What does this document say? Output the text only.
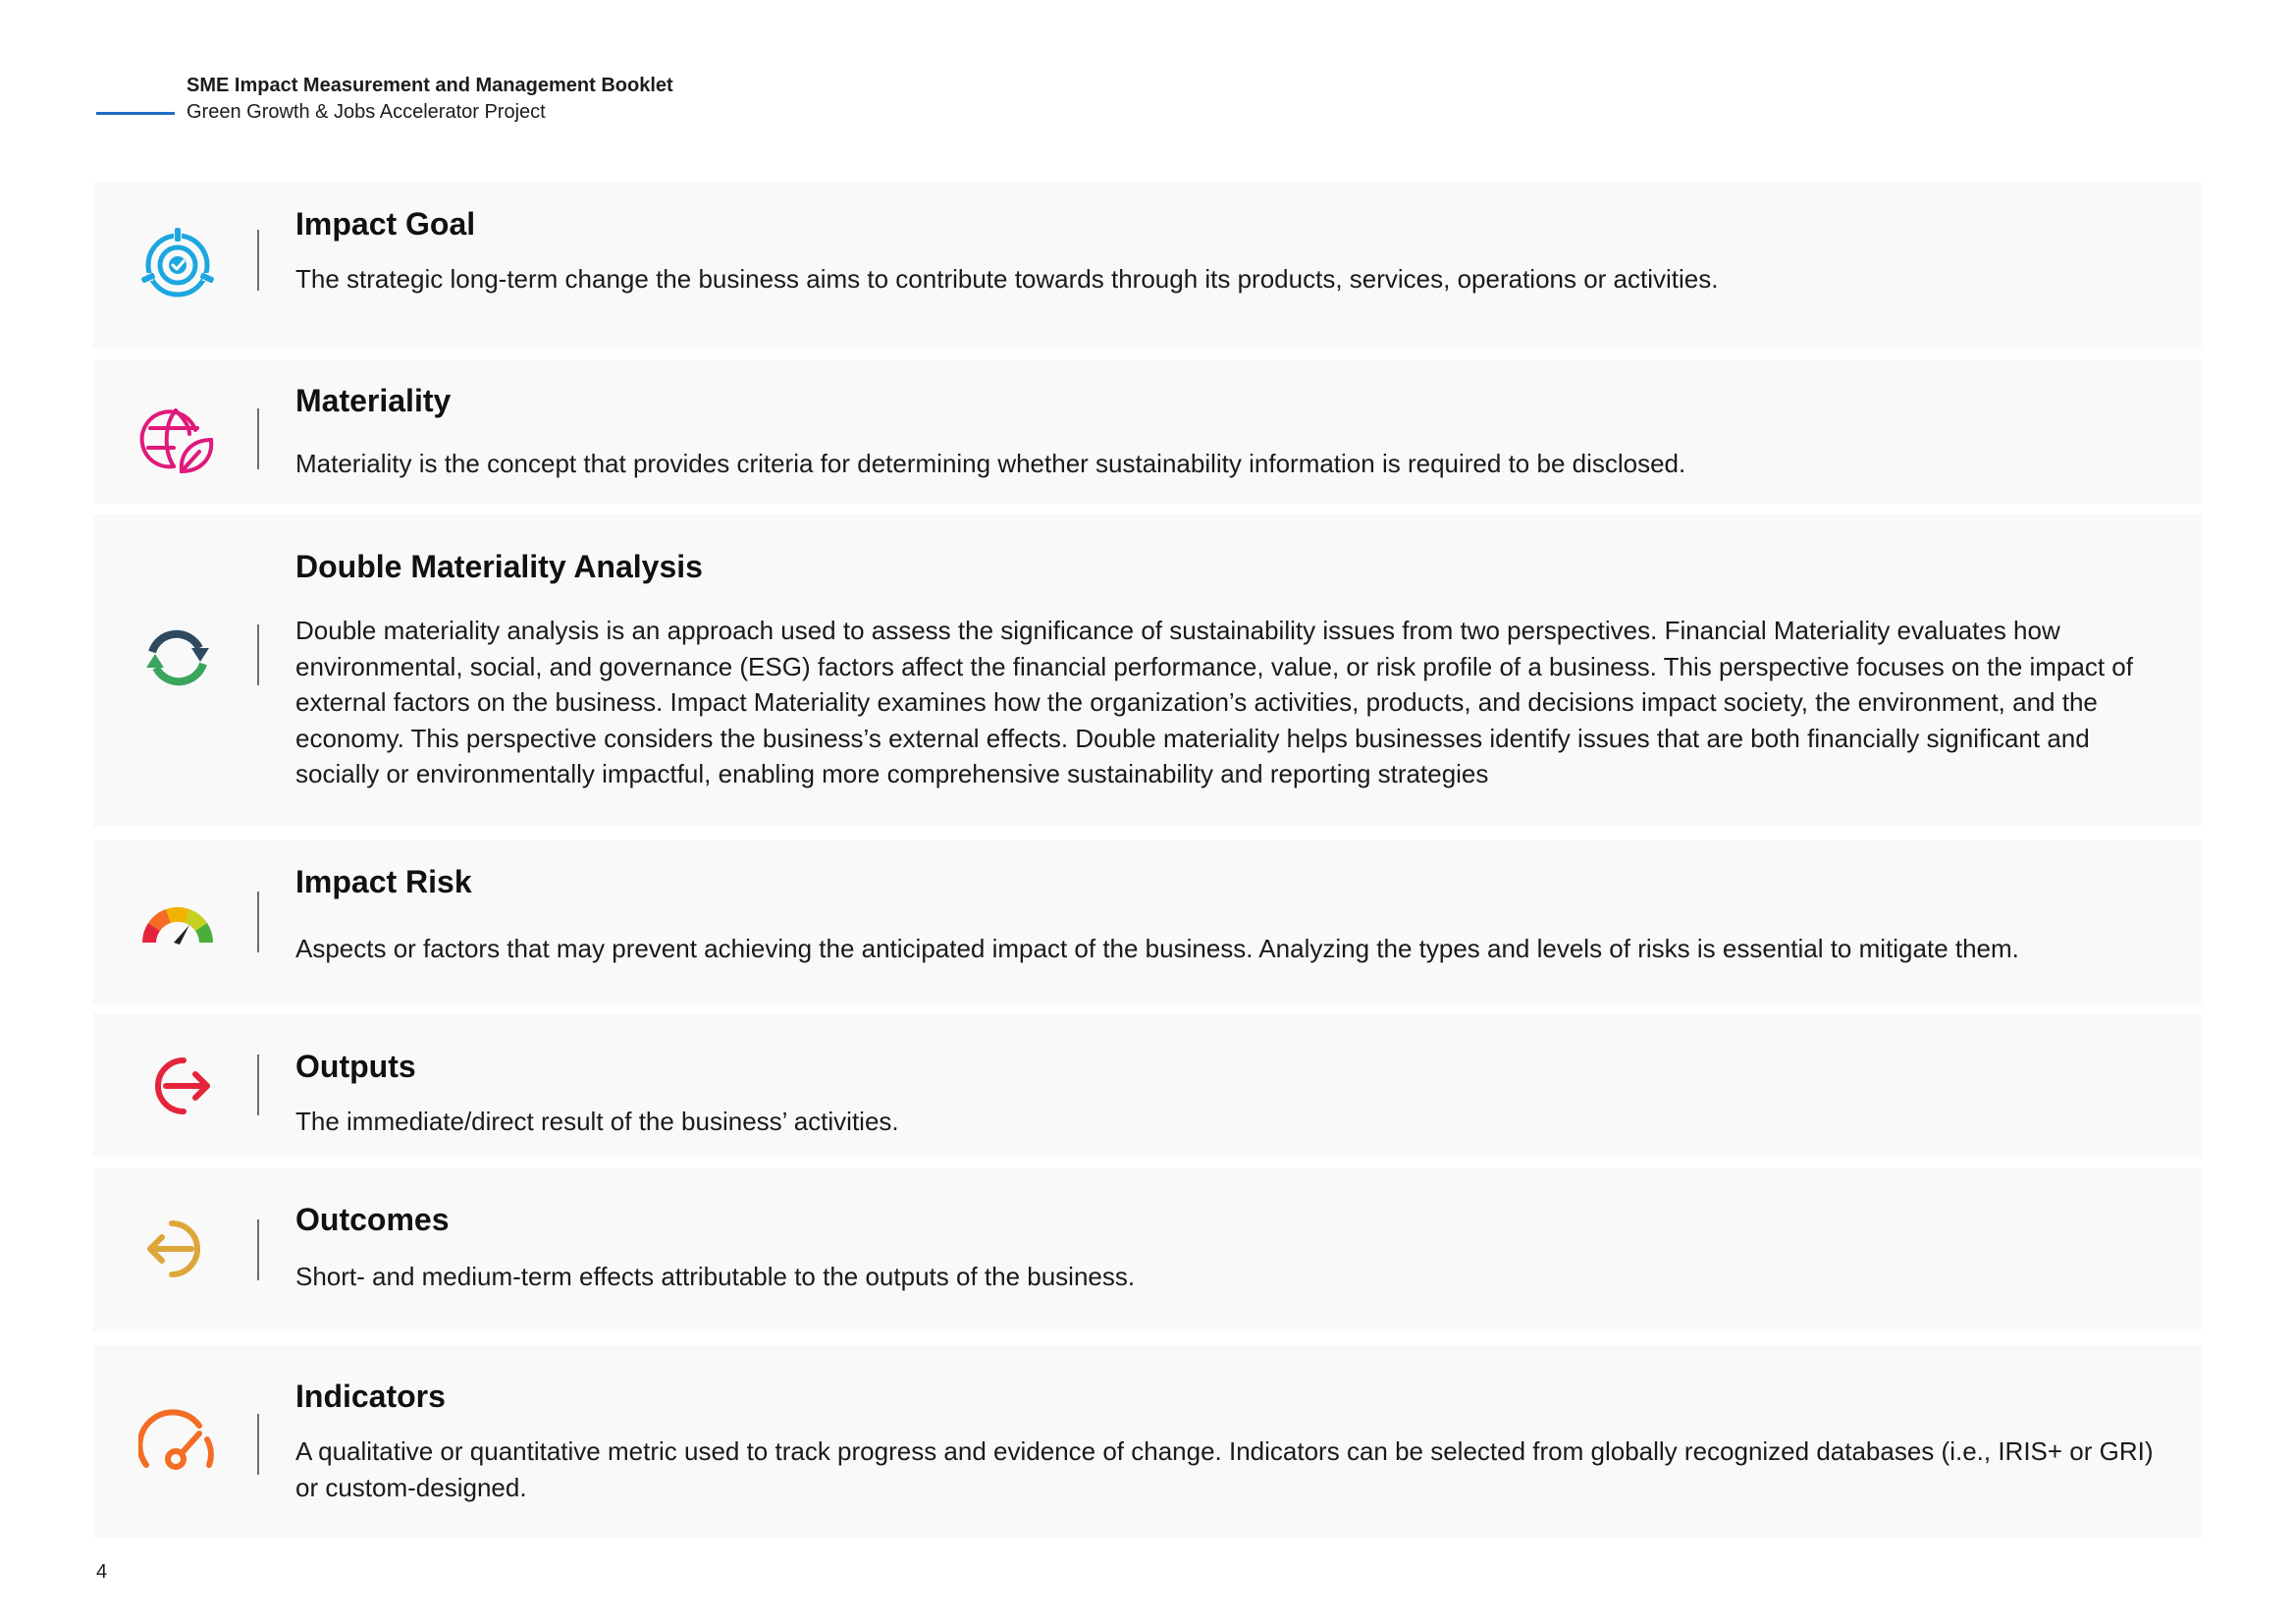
SME Impact Measurement and Management Booklet
Green Growth & Jobs Accelerator Project
Impact Goal
The strategic long-term change the business aims to contribute towards through its products, services, operations or activities.
Materiality
Materiality is the concept that provides criteria for determining whether sustainability information is required to be disclosed.
Double Materiality Analysis
Double materiality analysis is an approach used to assess the significance of sustainability issues from two perspectives. Financial Materiality evaluates how environmental, social, and governance (ESG) factors affect the financial performance, value, or risk profile of a business. This perspective focuses on the impact of external factors on the business. Impact Materiality examines how the organization’s activities, products, and decisions impact society, the environment, and the economy. This perspective considers the business’s external effects. Double materiality helps businesses identify issues that are both financially significant and socially or environmentally impactful, enabling more comprehensive sustainability and reporting strategies
Impact Risk
Aspects or factors that may prevent achieving the anticipated impact of the business. Analyzing the types and levels of risks is essential to mitigate them.
Outputs
The immediate/direct result of the business’ activities.
Outcomes
Short- and medium-term effects attributable to the outputs of the business.
Indicators
A qualitative or quantitative metric used to track progress and evidence of change. Indicators can be selected from globally recognized databases (i.e., IRIS+ or GRI) or custom-designed.
4
